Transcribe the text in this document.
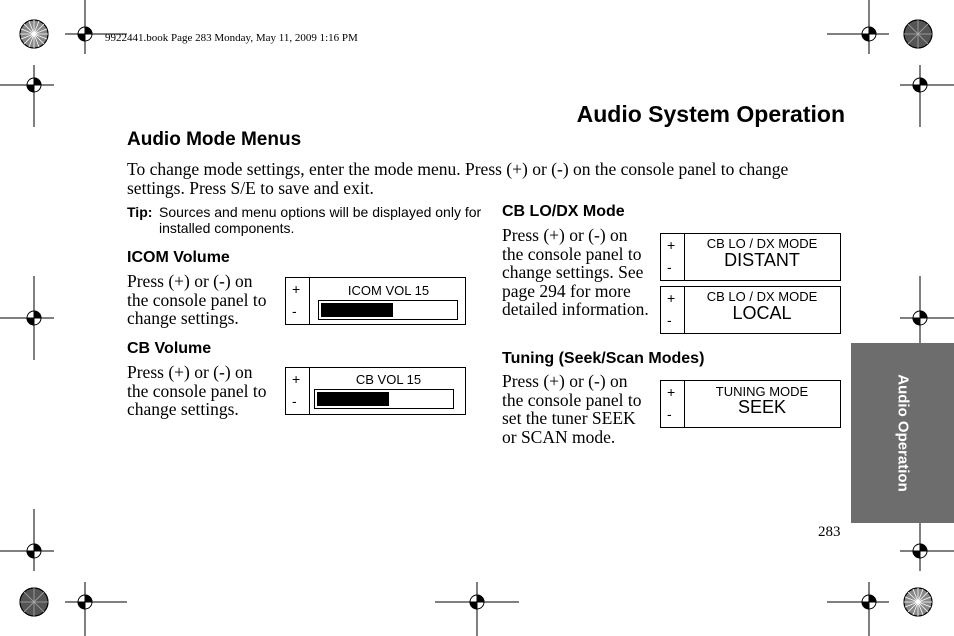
9922441.book Page 283 Monday, May 11, 2009 1:16 PM
Audio System Operation
Audio Mode Menus
To change mode settings, enter the mode menu. Press (+) or (-) on the console panel to change settings. Press S/E to save and exit.
Tip: Sources and menu options will be displayed only for installed components.
ICOM Volume
Press (+) or (-) on the console panel to change settings.
+
-
ICOM VOL 15
CB Volume
Press (+) or (-) on the console panel to change settings.
+
-
CB VOL 15
CB LO/DX Mode
Press (+) or (-) on the console panel to change settings. See page 294 for more detailed information.
+
-
CB LO / DX MODE
DISTANT
+
-
CB LO / DX MODE
LOCAL
Tuning (Seek/Scan Modes)
Press (+) or (-) on the console panel to set the tuner SEEK or SCAN mode.
+
-
TUNING MODE
SEEK	Audio Operation
283
